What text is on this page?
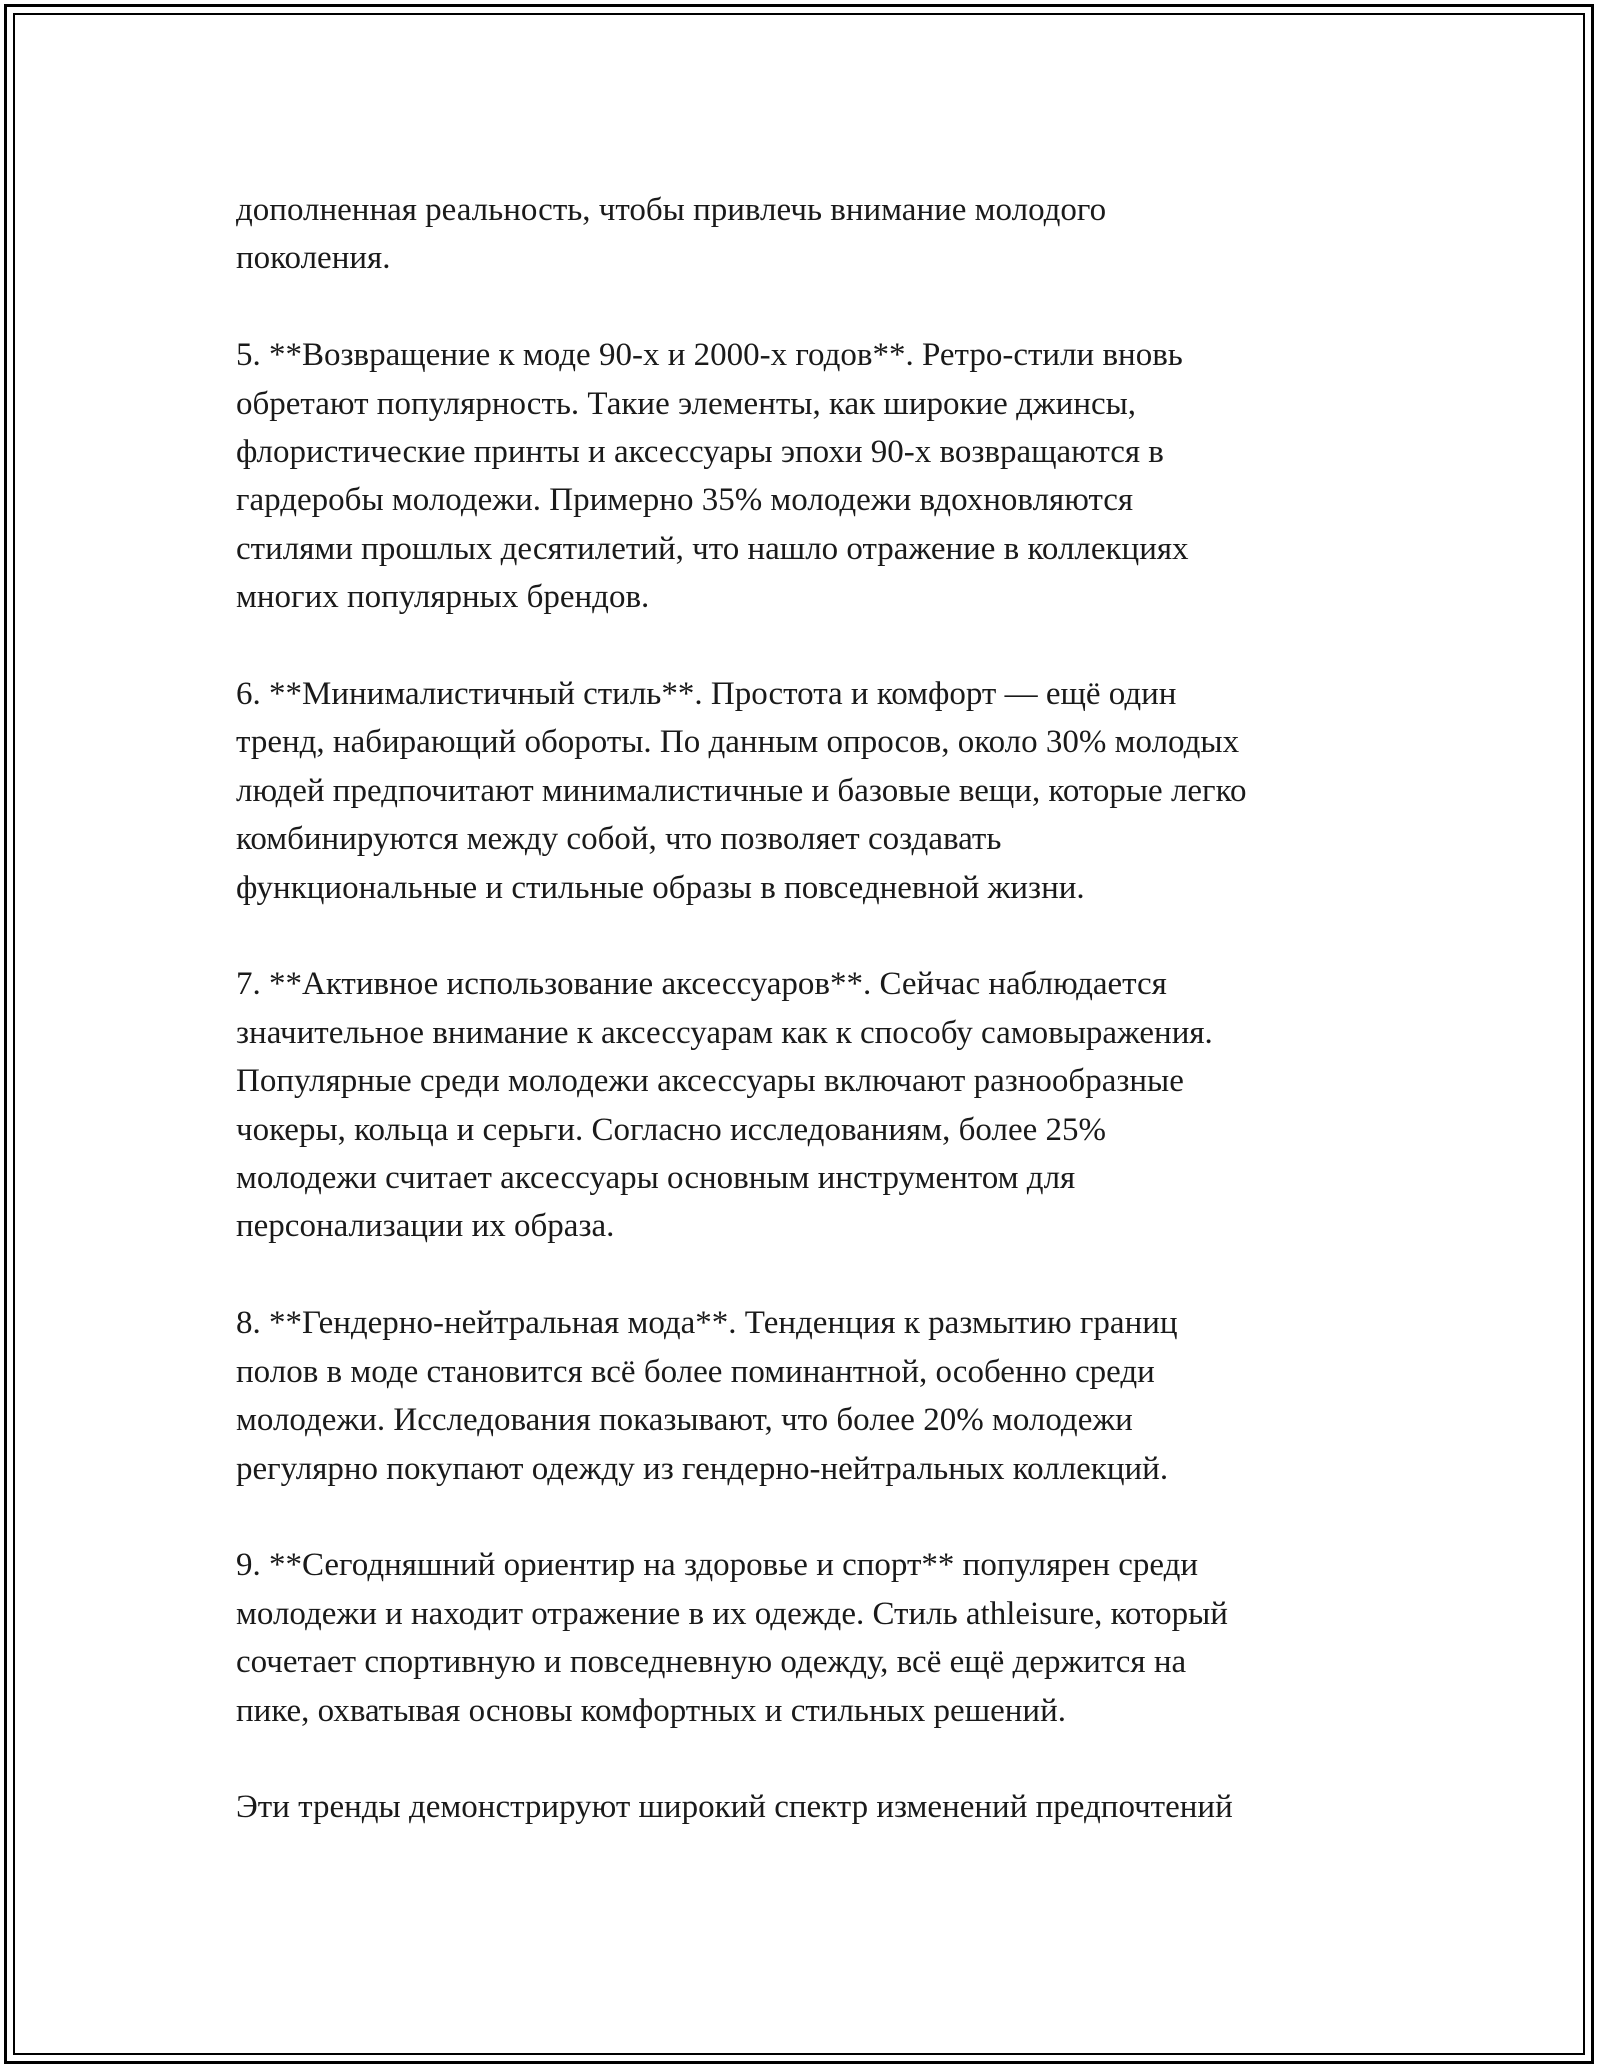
дополненная реальность, чтобы привлечь внимание молодого
поколения.

5. **Возвращение к моде 90-х и 2000-х годов**. Ретро-стили вновь
обретают популярность. Такие элементы, как широкие джинсы,
флористические принты и аксессуары эпохи 90-х возвращаются в
гардеробы молодежи. Примерно 35% молодежи вдохновляются
стилями прошлых десятилетий, что нашло отражение в коллекциях
многих популярных брендов.

6. **Минималистичный стиль**. Простота и комфорт — ещё один
тренд, набирающий обороты. По данным опросов, около 30% молодых
людей предпочитают минималистичные и базовые вещи, которые легко
комбинируются между собой, что позволяет создавать
функциональные и стильные образы в повседневной жизни.

7. **Активное использование аксессуаров**. Сейчас наблюдается
значительное внимание к аксессуарам как к способу самовыражения.
Популярные среди молодежи аксессуары включают разнообразные
чокеры, кольца и серьги. Согласно исследованиям, более 25%
молодежи считает аксессуары основным инструментом для
персонализации их образа.

8. **Гендерно-нейтральная мода**. Тенденция к размытию границ
полов в моде становится всё более поминантной, особенно среди
молодежи. Исследования показывают, что более 20% молодежи
регулярно покупают одежду из гендерно-нейтральных коллекций.

9. **Сегодняшний ориентир на здоровье и спорт** популярен среди
молодежи и находит отражение в их одежде. Стиль athleisure, который
сочетает спортивную и повседневную одежду, всё ещё держится на
пике, охватывая основы комфортных и стильных решений.

Эти тренды демонстрируют широкий спектр изменений предпочтений
